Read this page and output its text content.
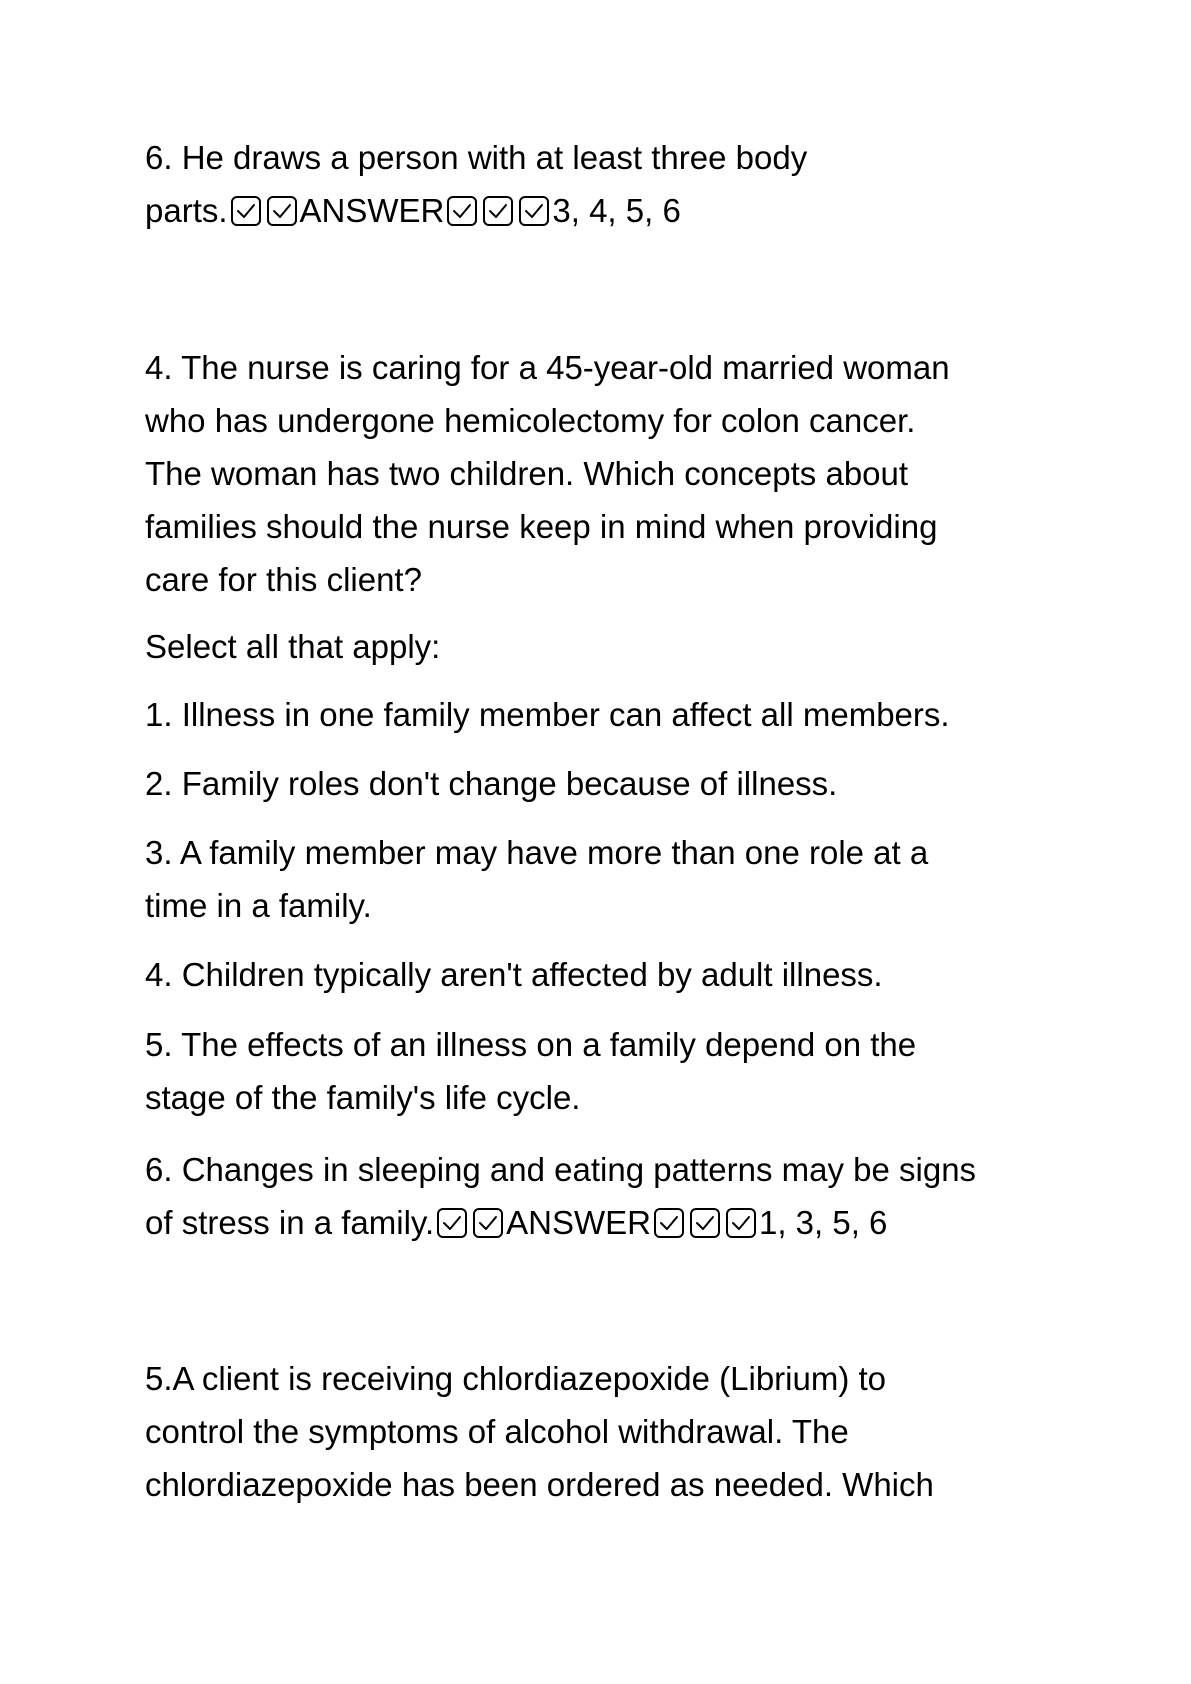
6. He draws a person with at least three body
parts. ANSWER	3, 4, 5, 6
4. The nurse is caring for a 45-year-old married woman
who has undergone hemicolectomy for colon cancer.
The woman has two children. Which concepts about
families should the nurse keep in mind when providing
care for this client?
Select all that apply:
1. Illness in one family member can affect all members.
2. Family roles don't change because of illness.
3. A family member may have more than one role at a
time in a family.
4. Children typically aren't affected by adult illness.
5. The effects of an illness on a family depend on the
stage of the family's life cycle.
6. Changes in sleeping and eating patterns may be signs
of stress in a family. ANSWER	1, 3, 5, 6
5.A client is receiving chlordiazepoxide (Librium) to
control the symptoms of alcohol withdrawal. The
chlordiazepoxide has been ordered as needed. Which
